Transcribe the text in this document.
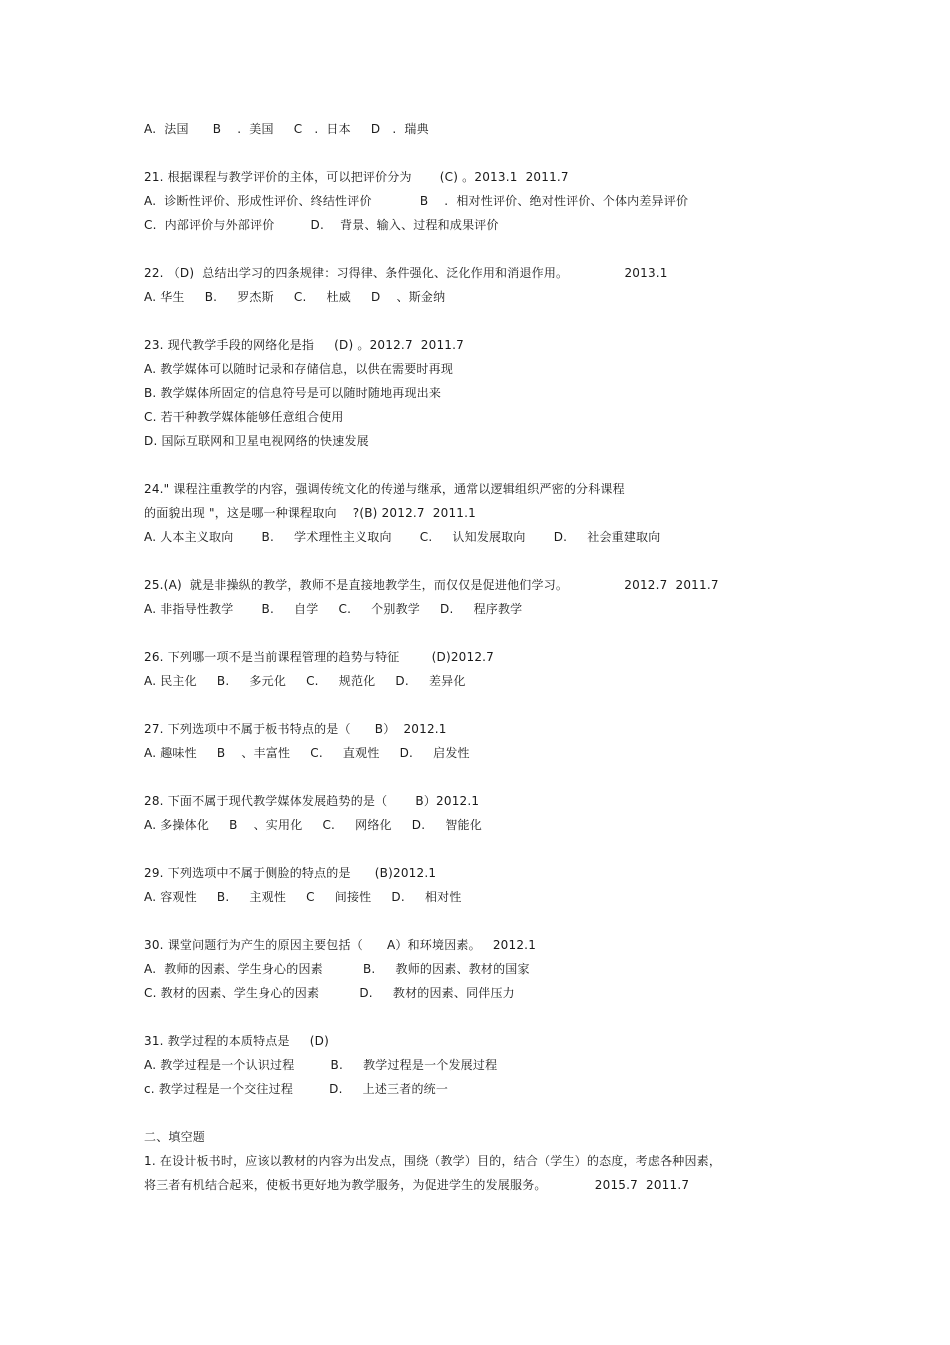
A.  法国      B    .  美国     C   .  日本     D   .  瑞典
21. 根据课程与教学评价的主体，可以把评价分为       (C) 。2013.1  2011.7
A.  诊断性评价、形成性评价、终结性评价            B    .  相对性评价、绝对性评价、个体内差异评价
C.  内部评价与外部评价         D.    背景、输入、过程和成果评价
22. （D)  总结出学习的四条规律：习得律、条件强化、泛化作用和消退作用。              2013.1
A. 华生     B.     罗杰斯     C.     杜威     D    、斯金纳
23. 现代教学手段的网络化是指     (D) 。2012.7  2011.7
A. 教学媒体可以随时记录和存储信息，以供在需要时再现
B. 教学媒体所固定的信息符号是可以随时随地再现出来
C. 若干种教学媒体能够任意组合使用
D. 国际互联网和卫星电视网络的快速发展
24." 课程注重教学的内容，强调传统文化的传递与继承，通常以逻辑组织严密的分科课程
的面貌出现 "，这是哪一种课程取向    ?(B) 2012.7  2011.1
A. 人本主义取向       B.     学术理性主义取向       C.     认知发展取向       D.     社会重建取向
25.(A)  就是非操纵的教学，教师不是直接地教学生，而仅仅是促进他们学习。              2012.7  2011.7
A. 非指导性教学       B.     自学     C.     个别教学     D.     程序教学
26. 下列哪一项不是当前课程管理的趋势与特征        (D)2012.7
A. 民主化     B.     多元化     C.     规范化     D.     差异化
27. 下列选项中不属于板书特点的是（      B）  2012.1
A. 趣味性     B    、丰富性     C.     直观性     D.     启发性
28. 下面不属于现代教学媒体发展趋势的是（       B）2012.1
A. 多操体化     B    、实用化     C.     网络化     D.     智能化
29. 下列选项中不属于侧脸的特点的是      (B)2012.1
A. 容观性     B.     主观性     C     间接性     D.     相对性
30. 课堂问题行为产生的原因主要包括（      A）和环境因素。   2012.1
A.  教师的因素、学生身心的因素          B.     教师的因素、教材的国家
C. 教材的因素、学生身心的因素          D.     教材的因素、同伴压力
31. 教学过程的本质特点是     (D)
A. 教学过程是一个认识过程         B.     教学过程是一个发展过程
c. 教学过程是一个交往过程         D.     上述三者的统一
二、填空题
1. 在设计板书时，应该以教材的内容为出发点，围绕（教学）目的，结合（学生）的态度，考虑各种因素，
将三者有机结合起来，使板书更好地为教学服务，为促进学生的发展服务。            2015.7  2011.7
